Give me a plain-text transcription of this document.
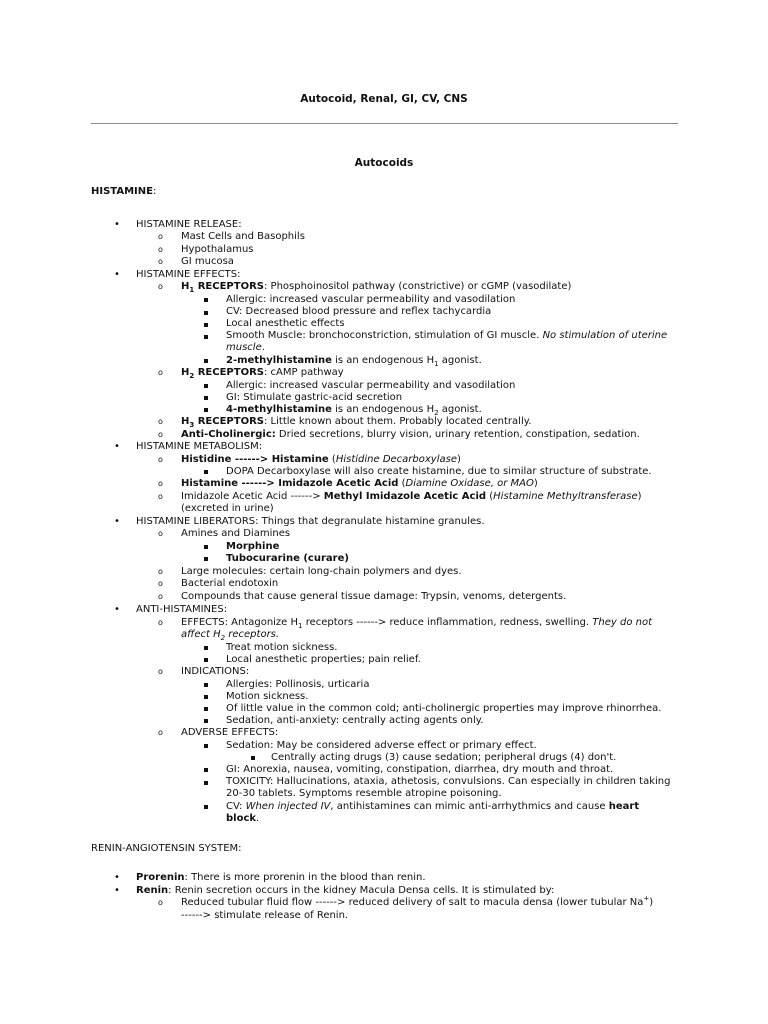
Autocoid, Renal, GI, CV, CNS
Autocoids
HISTAMINE:
• HISTAMINE RELEASE:
o Mast Cells and Basophils
o Hypothalamus
o GI mucosa
• HISTAMINE EFFECTS:
o $H_1$ RECEPTORS: Phosphoinositol pathway (constrictive) or cGMP (vasodilate)
Allergic: increased vascular permeability and vasodilation
CV: Decreased blood pressure and reflex tachycardia
Local anesthetic effects
Smooth Muscle: bronchoconstriction, stimulation of GI muscle. No stimulation of uterine
muscle.
2-methylhistamine is an endogenous $H_1$ agonist.
o $H_2$ RECEPTORS: cAMP pathway
Allergic: increased vascular permeability and vasodilation
GI: Stimulate gastric-acid secretion
4-methylhistamine is an endogenous $H_2$ agonist.
o $H_3$ RECEPTORS: Little known about them. Probably located centrally.
o Anti-Cholinergic: Dried secretions, blurry vision, urinary retention, constipation, sedation.
• HISTAMINE METABOLISM:
o Histidine ------> Histamine (Histidine Decarboxylase)
DOPA Decarboxylase will also create histamine, due to similar structure of substrate.
o Histamine ------> Imidazole Acetic Acid (Diamine Oxidase, or MAO)
o Imidazole Acetic Acid ------> Methyl Imidazole Acetic Acid (Histamine Methyltransferase)
(excreted in urine)
• HISTAMINE LIBERATORS: Things that degranulate histamine granules.
o Amines and Diamines
Morphine
Tubocurarine (curare)
o Large molecules: certain long-chain polymers and dyes.
o Bacterial endotoxin
o Compounds that cause general tissue damage: Trypsin, venoms, detergents.
• ANTI-HISTAMINES:
o EFFECTS: Antagonize $H_1$ receptors ------> reduce inflammation, redness, swelling. They do not
affect $H_2$ receptors.
Treat motion sickness.
Local anesthetic properties; pain relief.
o INDICATIONS:
Allergies: Pollinosis, urticaria
Motion sickness.
Of little value in the common cold; anti-cholinergic properties may improve rhinorrhea.
Sedation, anti-anxiety: centrally acting agents only.
o ADVERSE EFFECTS:
Sedation: May be considered adverse effect or primary effect.
Centrally acting drugs (3) cause sedation; peripheral drugs (4) don't.
GI: Anorexia, nausea, vomiting, constipation, diarrhea, dry mouth and throat.
TOXICITY: Hallucinations, ataxia, athetosis, convulsions. Can especially in children taking
20-30 tablets. Symptoms resemble atropine poisoning.
CV: When injected IV, antihistamines can mimic anti-arrhythmics and cause heart
block.
RENIN-ANGIOTENSIN SYSTEM:
• Prorenin: There is more prorenin in the blood than renin.
• Renin: Renin secretion occurs in the kidney Macula Densa cells. It is stimulated by:
o Reduced tubular fluid flow ------> reduced delivery of salt to macula densa (lower tubular Na+)
------> stimulate release of Renin.
